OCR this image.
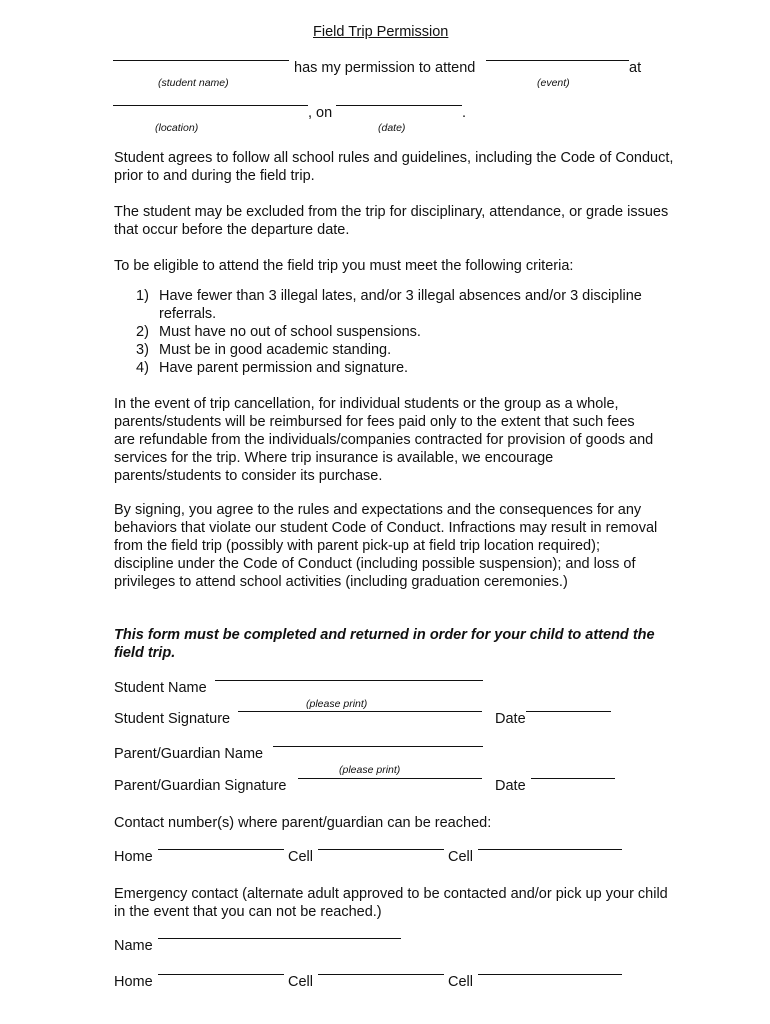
Field Trip Permission
has my permission to attend	at
(student name)	(event)
, on	.
(location)	(date)

Student agrees to follow all school rules and guidelines, including the Code of Conduct, prior to and during the field trip.

The student may be excluded from the trip for disciplinary, attendance, or grade issues that occur before the departure date.

To be eligible to attend the field trip you must meet the following criteria:

1) Have fewer than 3 illegal lates, and/or 3 illegal absences and/or 3 discipline referrals.
2) Must have no out of school suspensions.
3) Must be in good academic standing.
4) Have parent permission and signature.

In the event of trip cancellation, for individual students or the group as a whole, parents/students will be reimbursed for fees paid only to the extent that such fees are refundable from the individuals/companies contracted for provision of goods and services for the trip. Where trip insurance is available, we encourage parents/students to consider its purchase.

By signing, you agree to the rules and expectations and the consequences for any behaviors that violate our student Code of Conduct. Infractions may result in removal from the field trip (possibly with parent pick-up at field trip location required); discipline under the Code of Conduct (including possible suspension); and loss of privileges to attend school activities (including graduation ceremonies.)

This form must be completed and returned in order for your child to attend the field trip.

Student Name
(please print)
Student Signature	Date
Parent/Guardian Name
(please print)
Parent/Guardian Signature	Date

Contact number(s) where parent/guardian can be reached:

Home	Cell	Cell

Emergency contact (alternate adult approved to be contacted and/or pick up your child in the event that you can not be reached.)

Name
Home	Cell	Cell
